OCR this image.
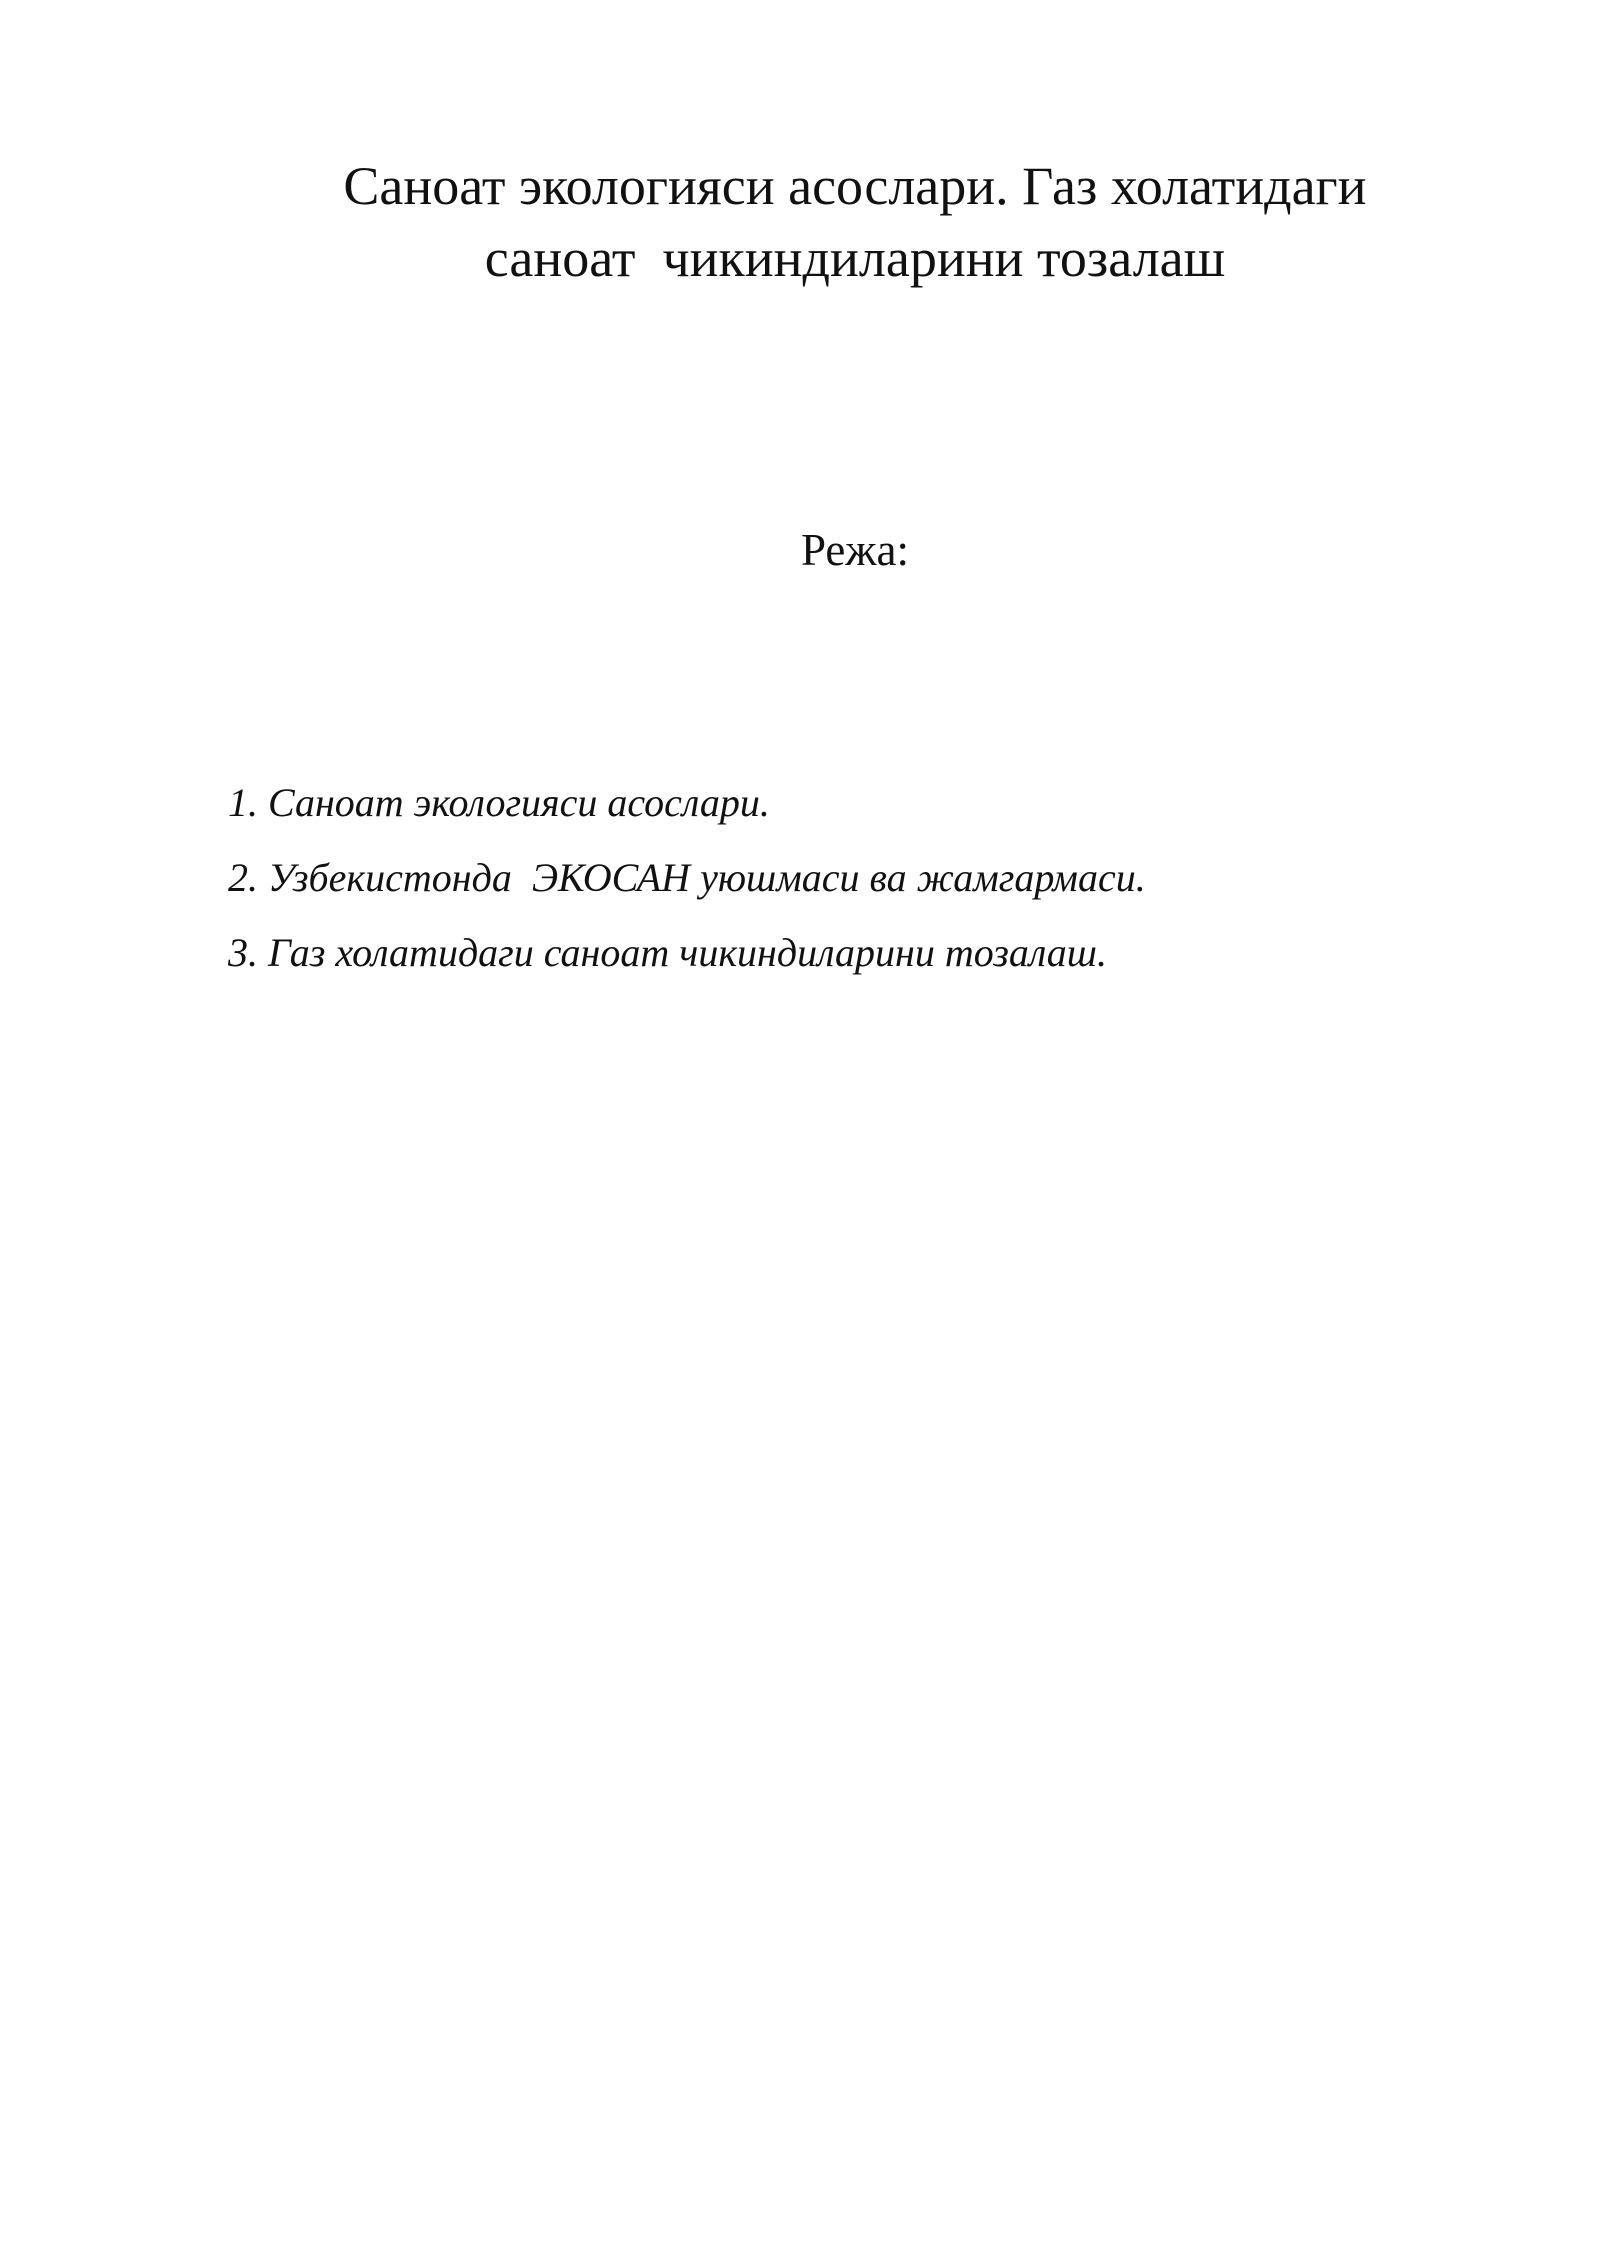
Саноат экологияси асослари. Газ холатидаги
саноат  чикиндиларини тозалаш
Режа:
1. Саноат экологияси асослари.
2. Узбекистонда  ЭКОСАН уюшмаси ва жамгармаси.
3. Газ холатидаги саноат чикиндиларини тозалаш.
